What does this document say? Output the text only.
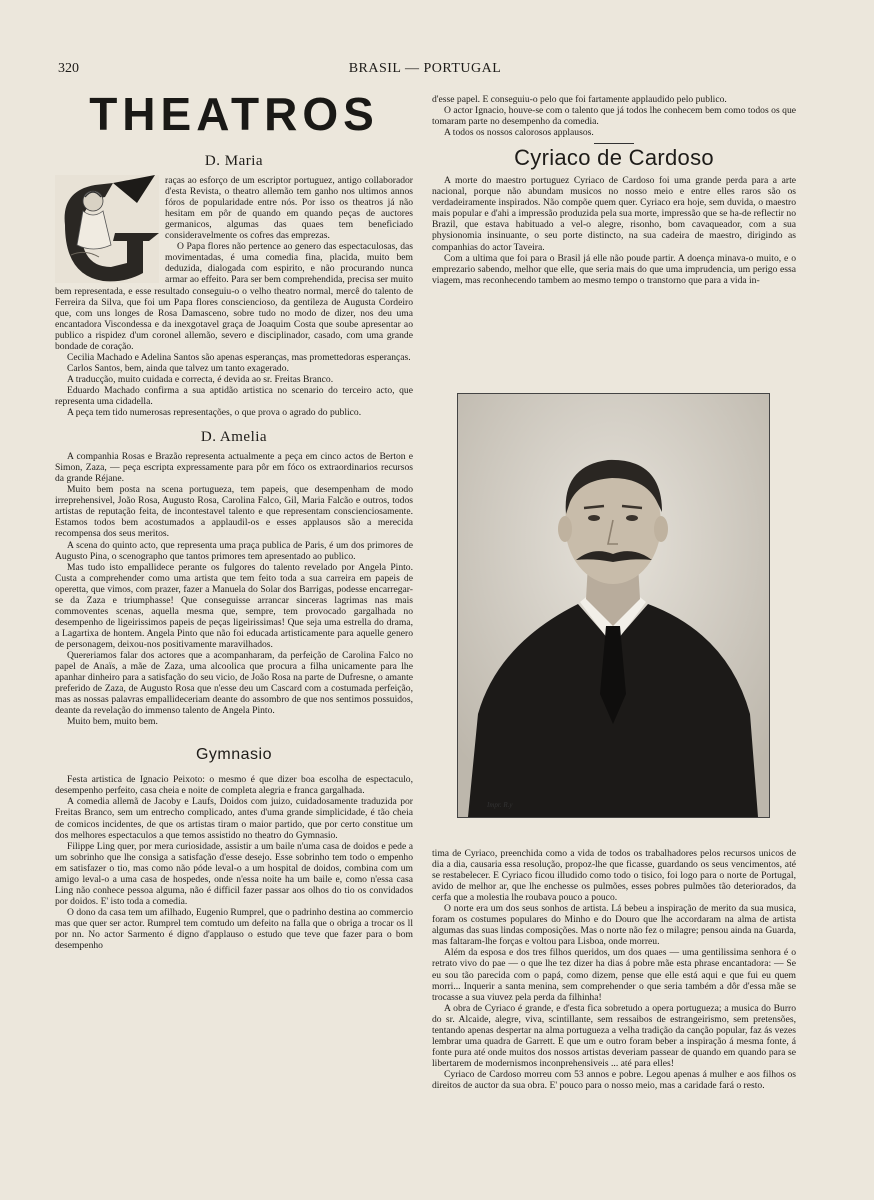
320	BRASIL — PORTUGAL
THEATROS
D. Maria

raças ao esforço de um escriptor portuguez, antigo collaborador d'esta Revista, o theatro allemão tem ganho nos ultimos annos fóros de popularidade entre nós. Por isso os theatros já não hesitam em pôr de quando em quando peças de auctores germanicos, algumas das quaes tem beneficiado consideravelmente os cofres das emprezas.

O Papa flores não pertence ao genero das espectaculosas, das movimentadas, é uma comedia fina, placida, muito bem deduzida, dialogada com espirito, e não procurando nunca armar ao effeito. Para ser bem comprehendida, precisa ser muito bem representada, e esse resultado conseguiu-o o velho theatro normal, mercê do talento de Ferreira da Silva, que foi um Papa flores consciencioso, da gentileza de Augusta Cordeiro que, com uns longes de Rosa Damasceno, sobre tudo no modo de dizer, nos deu uma encantadora Viscondessa e da inexgotavel graça de Joaquim Costa que soube apresentar ao publico a rispidez d'um coronel allemão, severo e disciplinador, casado, com uma grande bondade de coração.

Cecilia Machado e Adelina Santos são apenas esperanças, mas promettedoras esperanças.

Carlos Santos, bem, ainda que talvez um tanto exagerado.

A traducção, muito cuidada e correcta, é devida ao sr. Freitas Branco.

Eduardo Machado confirma a sua aptidão artistica no scenario do terceiro acto, que representa uma cidadella.

A peça tem tido numerosas representações, o que prova o agrado do publico.

D. Amelia

A companhia Rosas e Brazão representa actualmente a peça em cinco actos de Berton e Simon, Zaza, — peça escripta expressamente para pôr em fóco os extraordinarios recursos da grande Réjane.

Muito bem posta na scena portugueza, tem papeis, que desempenham de modo irreprehensivel, João Rosa, Augusto Rosa, Carolina Falco, Gil, Maria Falcão e outros, todos artistas de reputação feita, de incontestavel talento e que representam conscienciosamente. Estamos todos bem acostumados a applaudil-os e esses applausos são a merecida recompensa dos seus meritos.

A scena do quinto acto, que representa uma praça publica de Paris, é um dos primores de Augusto Pina, o scenographo que tantos primores tem apresentado ao publico.

Mas tudo isto empallidece perante os fulgores do talento revelado por Angela Pinto. Custa a comprehender como uma artista que tem feito toda a sua carreira em papeis de operetta, que vimos, com prazer, fazer a Manuela do Solar dos Barrigas, podesse encarregar-se da Zaza e triumphasse! Que conseguisse arrancar sinceras lagrimas nas mais commoventes scenas, aquella mesma que, sempre, tem provocado gargalhada no desempenho de ligeirissimos papeis de peças ligeirissimas! Que seja uma estrella do drama, a Lagartixa de hontem. Angela Pinto que não foi educada artisticamente para aquelle genero de personagem, deixou-nos positivamente maravilhados.

Quereriamos falar dos actores que a acompanharam, da perfeição de Carolina Falco no papel de Anaïs, a mãe de Zaza, uma alcoolica que procura a filha unicamente para lhe apanhar dinheiro para a satisfação do seu vicio, de João Rosa na parte de Dufresne, o amante preferido de Zaza, de Augusto Rosa que n'esse deu um Cascard com a costumada perfeição, mas as nossas palavras empallideceriam deante do assombro de que nos sentimos possuidos, deante da revelação do immenso talento de Angela Pinto.

Muito bem, muito bem.

Gymnasio

Festa artistica de Ignacio Peixoto: o mesmo é que dizer boa escolha de espectaculo, desempenho perfeito, casa cheia e noite de completa alegria e franca gargalhada.

A comedia allemã de Jacoby e Laufs, Doidos com juizo, cuidadosamente traduzida por Freitas Branco, sem um entrecho complicado, antes d'uma grande simplicidade, é tão cheia de comicos incidentes, de que os artistas tiram o maior partido, que por certo constitue um dos melhores espectaculos a que temos assistido no theatro do Gymnasio.

Filippe Ling quer, por mera curiosidade, assistir a um baile n'uma casa de doidos e pede a um sobrinho que lhe consiga a satisfação d'esse desejo. Esse sobrinho tem todo o empenho em satisfazer o tio, mas como não póde leval-o a um hospital de doidos, combina com um amigo leval-o a uma casa de hospedes, onde n'essa noite ha um baile e, como n'essa casa Ling não conhece pessoa alguma, não é difficil fazer passar aos olhos do tio os convidados por doidos. E' isto toda a comedia.

O dono da casa tem um afilhado, Eugenio Rumprel, que o padrinho destina ao commercio mas que quer ser actor. Rumprel tem comtudo um defeito na falla que o obriga a trocar os ll por nn. No actor Sarmento é digno d'applauso o estudo que teve que fazer para o bom desempenho

d'esse papel. E conseguiu-o pelo que foi fartamente applaudido pelo publico.

O actor Ignacio, houve-se com o talento que já todos lhe conhecem bem como todos os que tomaram parte no desempenho da comedia.

A todos os nossos calorosos applausos.

Cyriaco de Cardoso

A morte do maestro portuguez Cyriaco de Cardoso foi uma grande perda para a arte nacional, porque não abundam musicos no nosso meio e entre elles raros são os verdadeiramente inspirados. Não compõe quem quer. Cyriaco era hoje, sem duvida, o maestro mais popular e d'ahi a impressão produzida pela sua morte, impressão que se ha-de reflectir no Brazil, que estava habituado a vel-o alegre, risonho, bom cavaqueador, com a sua physionomia insinuante, o seu porte distincto, na sua cadeira de maestro, dirigindo as companhias do actor Taveira.

Com a ultima que foi para o Brasil já elle não poude partir. A doença minava-o muito, e o emprezario sabendo, melhor que elle, que seria mais do que uma imprudencia, um perigo essa viagem, mas reconhecendo tambem ao mesmo tempo o transtorno que para a vida in-

Impr. R.y

tima de Cyriaco, preenchida como a vida de todos os trabalhadores pelos recursos unicos de dia a dia, causaria essa resolução, propoz-lhe que ficasse, guardando os seus vencimentos, até se restabelecer. E Cyriaco ficou illudido como todo o tisico, foi logo para o norte de Portugal, avido de melhor ar, que lhe enchesse os pulmões, esses pobres pulmões tão deteriorados, da cerfa que a molestia lhe roubava pouco a pouco.

O norte era um dos seus sonhos de artista. Lá bebeu a inspiração de merito da sua musica, foram os costumes populares do Minho e do Douro que lhe accordaram na alma de artista algumas das suas lindas composições. Mas o norte não fez o milagre; pensou ainda na Guarda, mas faltaram-lhe forças e voltou para Lisboa, onde morreu.

Além da esposa e dos tres filhos queridos, um dos quaes — uma gentilissima senhora é o retrato vivo do pae — o que lhe tez dizer ha dias á pobre mãe esta phrase encantadora: — Se eu sou tão parecida com o papá, como dizem, pense que elle está aqui e que fui eu quem morri... Inquerir a santa menina, sem comprehender o que seria também a dôr d'essa mãe se trocasse a sua viuvez pela perda da filhinha!

A obra de Cyriaco é grande, e d'esta fica sobretudo a opera portugueza; a musica do Burro do sr. Alcaide, alegre, viva, scintillante, sem ressaibos de estrangeirismo, sem pretensões, tentando apenas despertar na alma portugueza a velha tradição da canção popular, faz ás vezes lembrar uma quadra de Garrett. E que um e outro foram beber a inspiração á mesma fonte, á fonte pura até onde muitos dos nossos artistas deveriam passear de quando em quando para se libertarem de modernismos inconprehensiveis ... até para elles!

Cyriaco de Cardoso morreu com 53 annos e pobre. Legou apenas á mulher e aos filhos os direitos de auctor da sua obra. E' pouco para o nosso meio, mas a caridade fará o resto.
